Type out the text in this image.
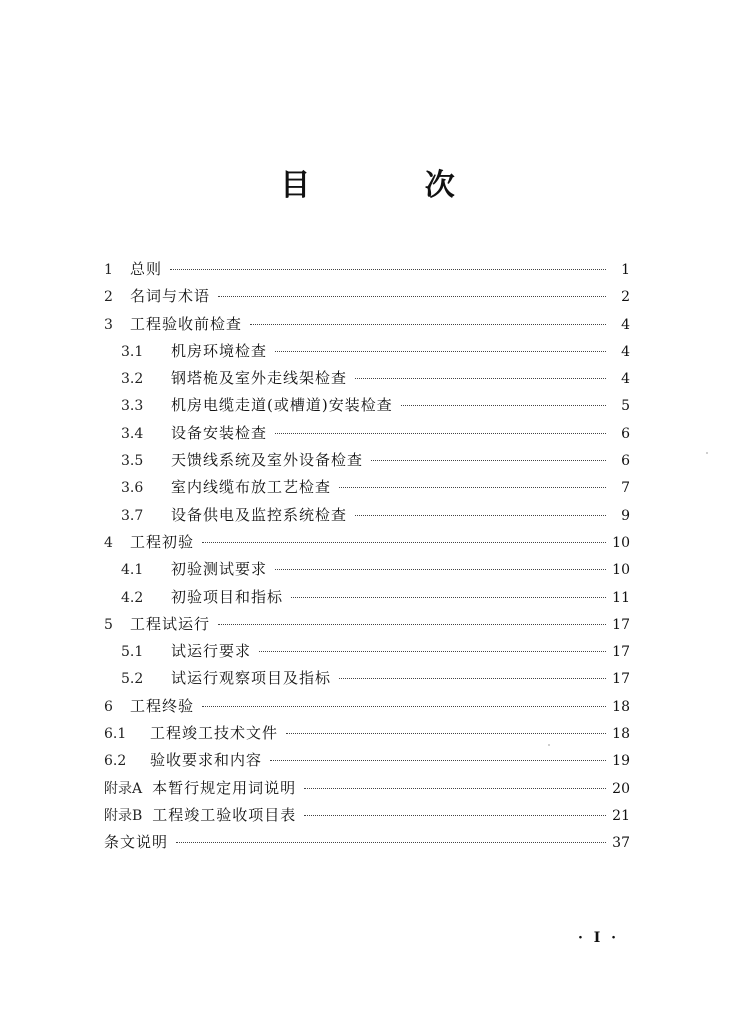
目 次
1	总则	1
2	名词与术语	2
3	工程验收前检查	4
3.1	机房环境检查	4
3.2	钢塔桅及室外走线架检查	4
3.3	机房电缆走道(或槽道)安装检查	5
3.4	设备安装检查	6
3.5	天馈线系统及室外设备检查	6
3.6	室内线缆布放工艺检查	7
3.7	设备供电及监控系统检查	9
4	工程初验	10
4.1	初验测试要求	10
4.2	初验项目和指标	11
5	工程试运行	17
5.1	试运行要求	17
5.2	试运行观察项目及指标	17
6	工程终验	18
6.1	工程竣工技术文件	18
6.2	验收要求和内容	19
附录A 本暂行规定用词说明	20
附录B 工程竣工验收项目表	21
条文说明	37
· I ·
